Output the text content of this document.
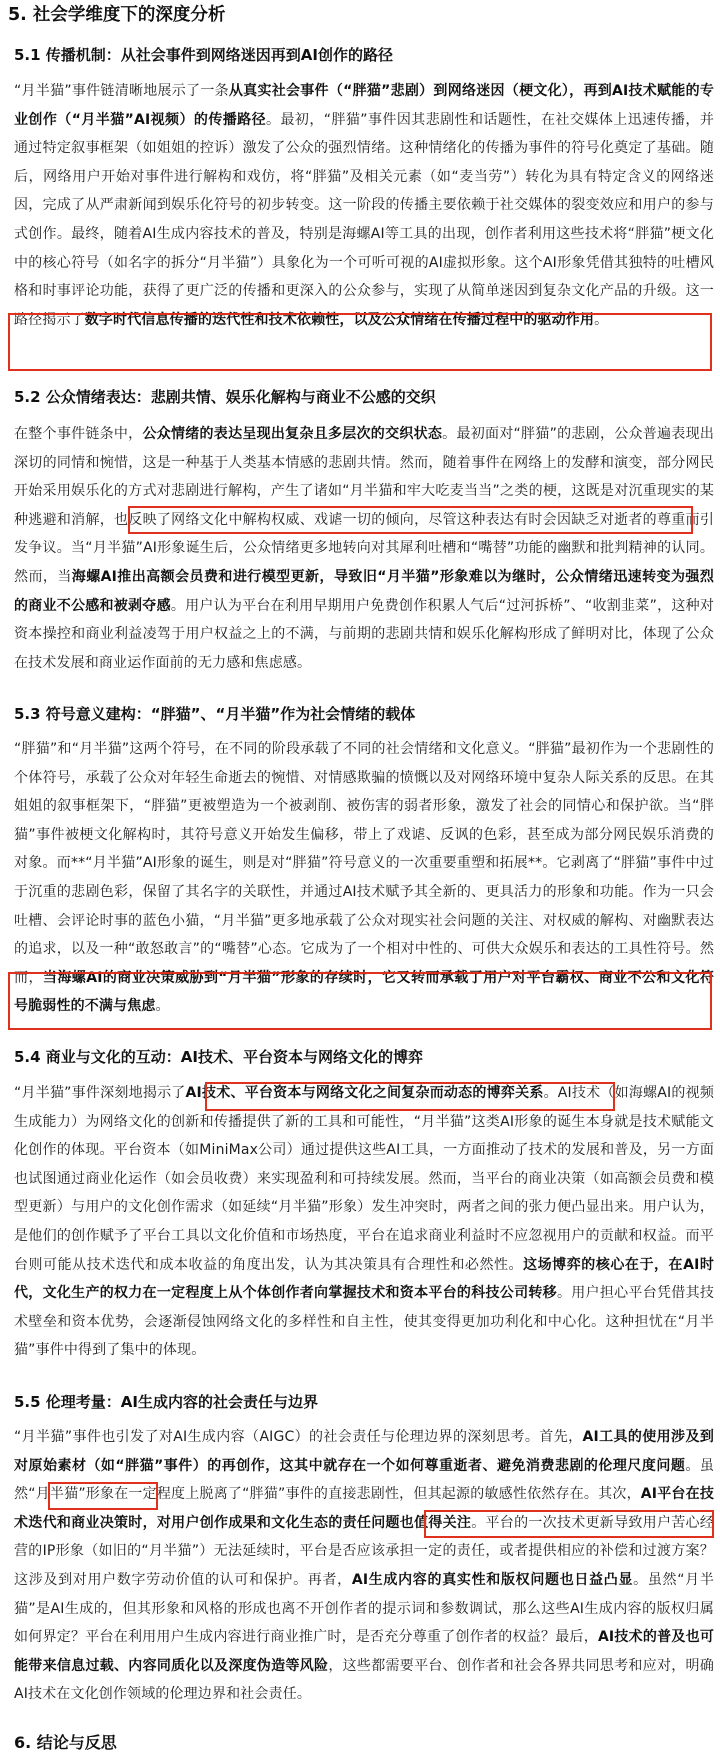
5. 社会学维度下的深度分析
5.1 传播机制：从社会事件到网络迷因再到AI创作的路径

“月半猫”事件链清晰地展示了一条从真实社会事件（“胖猫”悲剧）到网络迷因（梗文化），再到AI技术赋能的专业创作（“月半猫”AI视频）的传播路径。最初，“胖猫”事件因其悲剧性和话题性，在社交媒体上迅速传播，并通过特定叙事框架（如姐姐的控诉）激发了公众的强烈情绪。这种情绪化的传播为事件的符号化奠定了基础。随后，网络用户开始对事件进行解构和戏仿，将“胖猫”及相关元素（如“麦当劳”）转化为具有特定含义的网络迷因，完成了从严肃新闻到娱乐化符号的初步转变。这一阶段的传播主要依赖于社交媒体的裂变效应和用户的参与式创作。最终，随着AI生成内容技术的普及，特别是海螺AI等工具的出现，创作者利用这些技术将“胖猫”梗文化中的核心符号（如名字的拆分“月半猫”）具象化为一个可听可视的AI虚拟形象。这个AI形象凭借其独特的吐槽风格和时事评论功能，获得了更广泛的传播和更深入的公众参与，实现了从简单迷因到复杂文化产品的升级。这一路径揭示了数字时代信息传播的迭代性和技术依赖性，以及公众情绪在传播过程中的驱动作用。

5.2 公众情绪表达：悲剧共情、娱乐化解构与商业不公感的交织

在整个事件链条中，公众情绪的表达呈现出复杂且多层次的交织状态。最初面对“胖猫”的悲剧，公众普遍表现出深切的同情和惋惜，这是一种基于人类基本情感的悲剧共情。然而，随着事件在网络上的发酵和演变，部分网民开始采用娱乐化的方式对悲剧进行解构，产生了诸如“月半猫和牢大吃麦当当”之类的梗，这既是对沉重现实的某种逃避和消解，也反映了网络文化中解构权威、戏谑一切的倾向，尽管这种表达有时会因缺乏对逝者的尊重而引发争议。当“月半猫”AI形象诞生后，公众情绪更多地转向对其犀利吐槽和“嘴替”功能的幽默和批判精神的认同。然而，当海螺AI推出高额会员费和进行模型更新，导致旧“月半猫”形象难以为继时，公众情绪迅速转变为强烈的商业不公感和被剥夺感。用户认为平台在利用早期用户免费创作积累人气后“过河拆桥”、“收割韭菜”，这种对资本操控和商业利益凌驾于用户权益之上的不满，与前期的悲剧共情和娱乐化解构形成了鲜明对比，体现了公众在技术发展和商业运作面前的无力感和焦虑感。

5.3 符号意义建构：“胖猫”、“月半猫”作为社会情绪的载体

“胖猫”和“月半猫”这两个符号，在不同的阶段承载了不同的社会情绪和文化意义。“胖猫”最初作为一个悲剧性的个体符号，承载了公众对年轻生命逝去的惋惜、对情感欺骗的愤慨以及对网络环境中复杂人际关系的反思。在其姐姐的叙事框架下，“胖猫”更被塑造为一个被剥削、被伤害的弱者形象，激发了社会的同情心和保护欲。当“胖猫”事件被梗文化解构时，其符号意义开始发生偏移，带上了戏谑、反讽的色彩，甚至成为部分网民娱乐消费的对象。而**“月半猫”AI形象的诞生，则是对“胖猫”符号意义的一次重要重塑和拓展**。它剥离了“胖猫”事件中过于沉重的悲剧色彩，保留了其名字的关联性，并通过AI技术赋予其全新的、更具活力的形象和功能。作为一只会吐槽、会评论时事的蓝色小猫，“月半猫”更多地承载了公众对现实社会问题的关注、对权威的解构、对幽默表达的追求，以及一种“敢怒敢言”的“嘴替”心态。它成为了一个相对中性的、可供大众娱乐和表达的工具性符号。然而，当海螺AI的商业决策威胁到“月半猫”形象的存续时，它又转而承载了用户对平台霸权、商业不公和文化符号脆弱性的不满与焦虑。

5.4 商业与文化的互动：AI技术、平台资本与网络文化的博弈

“月半猫”事件深刻地揭示了AI技术、平台资本与网络文化之间复杂而动态的博弈关系。AI技术（如海螺AI的视频生成能力）为网络文化的创新和传播提供了新的工具和可能性，“月半猫”这类AI形象的诞生本身就是技术赋能文化创作的体现。平台资本（如MiniMax公司）通过提供这些AI工具，一方面推动了技术的发展和普及，另一方面也试图通过商业化运作（如会员收费）来实现盈利和可持续发展。然而，当平台的商业决策（如高额会员费和模型更新）与用户的文化创作需求（如延续“月半猫”形象）发生冲突时，两者之间的张力便凸显出来。用户认为，是他们的创作赋予了平台工具以文化价值和市场热度，平台在追求商业利益时不应忽视用户的贡献和权益。而平台则可能从技术迭代和成本收益的角度出发，认为其决策具有合理性和必然性。这场博弈的核心在于，在AI时代，文化生产的权力在一定程度上从个体创作者向掌握技术和资本平台的科技公司转移。用户担心平台凭借其技术壁垒和资本优势，会逐渐侵蚀网络文化的多样性和自主性，使其变得更加功利化和中心化。这种担忧在“月半猫”事件中得到了集中的体现。

5.5 伦理考量：AI生成内容的社会责任与边界

“月半猫”事件也引发了对AI生成内容（AIGC）的社会责任与伦理边界的深刻思考。首先，AI工具的使用涉及到对原始素材（如“胖猫”事件）的再创作，这其中就存在一个如何尊重逝者、避免消费悲剧的伦理尺度问题。虽然“月半猫”形象在一定程度上脱离了“胖猫”事件的直接悲剧性，但其起源的敏感性依然存在。其次，AI平台在技术迭代和商业决策时，对用户创作成果和文化生态的责任问题也值得关注。平台的一次技术更新导致用户苦心经营的IP形象（如旧的“月半猫”）无法延续时，平台是否应该承担一定的责任，或者提供相应的补偿和过渡方案？这涉及到对用户数字劳动价值的认可和保护。再者，AI生成内容的真实性和版权问题也日益凸显。虽然“月半猫”是AI生成的，但其形象和风格的形成也离不开创作者的提示词和参数调试，那么这些AI生成内容的版权归属如何界定？平台在利用用户生成内容进行商业推广时，是否充分尊重了创作者的权益？最后，AI技术的普及也可能带来信息过载、内容同质化以及深度伪造等风险，这些都需要平台、创作者和社会各界共同思考和应对，明确AI技术在文化创作领域的伦理边界和社会责任。

6. 结论与反思
